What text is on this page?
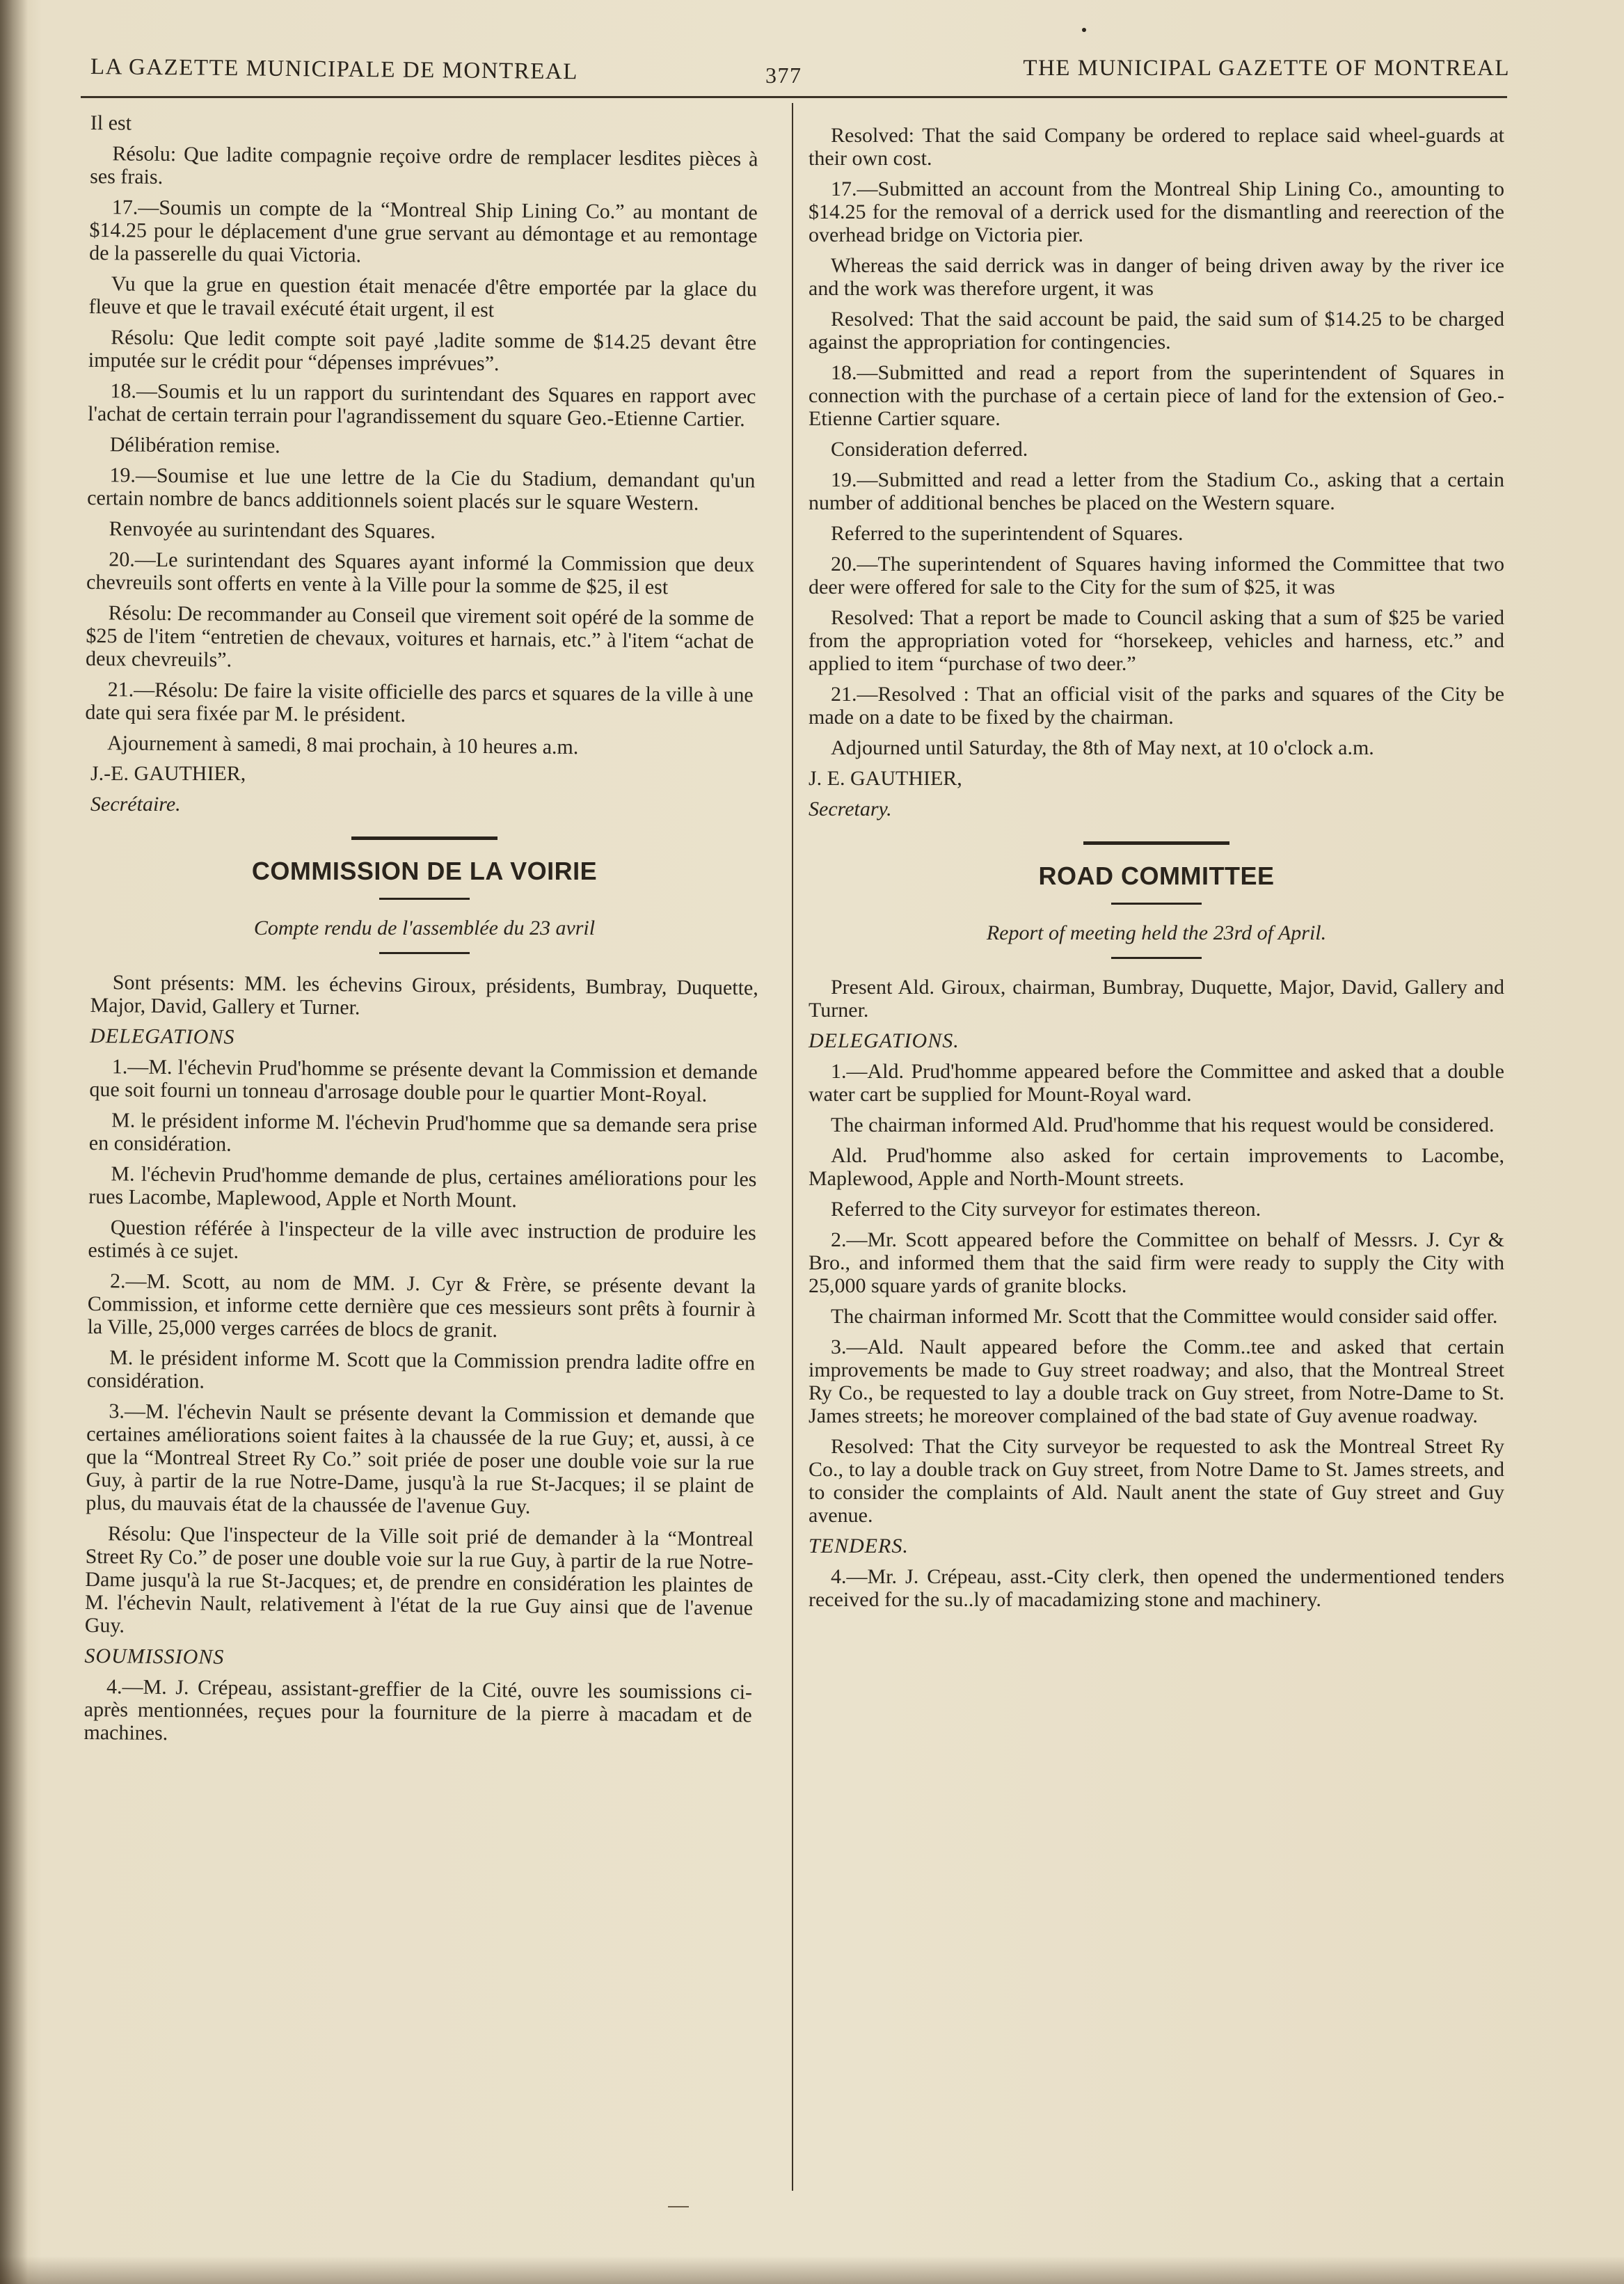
LA GAZETTE MUNICIPALE DE MONTREAL	377	THE MUNICIPAL GAZETTE OF MONTREAL

Il est

Résolu: Que ladite compagnie reçoive ordre de remplacer lesdites pièces à ses frais.

17.—Soumis un compte de la “Montreal Ship Lining Co.” au montant de $14.25 pour le déplacement d'une grue servant au démontage et au remontage de la passerelle du quai Victoria.

Vu que la grue en question était menacée d'être emportée par la glace du fleuve et que le travail exécuté était urgent, il est

Résolu: Que ledit compte soit payé ,ladite somme de $14.25 devant être imputée sur le crédit pour “dépenses imprévues”.

18.—Soumis et lu un rapport du surintendant des Squares en rapport avec l'achat de certain terrain pour l'agrandissement du square Geo.-Etienne Cartier.

Délibération remise.

19.—Soumise et lue une lettre de la Cie du Stadium, demandant qu'un certain nombre de bancs additionnels soient placés sur le square Western.

Renvoyée au surintendant des Squares.

20.—Le surintendant des Squares ayant informé la Commission que deux chevreuils sont offerts en vente à la Ville pour la somme de $25, il est

Résolu: De recommander au Conseil que virement soit opéré de la somme de $25 de l'item “entretien de chevaux, voitures et harnais, etc.” à l'item “achat de deux chevreuils”.

21.—Résolu: De faire la visite officielle des parcs et squares de la ville à une date qui sera fixée par M. le président.

Ajournement à samedi, 8 mai prochain, à 10 heures a.m.

J.-E. GAUTHIER,

Secrétaire.

COMMISSION DE LA VOIRIE
Compte rendu de l'assemblée du 23 avril

Sont présents: MM. les échevins Giroux, présidents, Bumbray, Duquette, Major, David, Gallery et Turner.

DELEGATIONS

1.—M. l'échevin Prud'homme se présente devant la Commission et demande que soit fourni un tonneau d'arrosage double pour le quartier Mont-Royal.

M. le président informe M. l'échevin Prud'homme que sa demande sera prise en considération.

M. l'échevin Prud'homme demande de plus, certaines améliorations pour les rues Lacombe, Maplewood, Apple et North Mount.

Question référée à l'inspecteur de la ville avec instruction de produire les estimés à ce sujet.

2.—M. Scott, au nom de MM. J. Cyr & Frère, se présente devant la Commission, et informe cette dernière que ces messieurs sont prêts à fournir à la Ville, 25,000 verges carrées de blocs de granit.

M. le président informe M. Scott que la Commission prendra ladite offre en considération.

3.—M. l'échevin Nault se présente devant la Commission et demande que certaines améliorations soient faites à la chaussée de la rue Guy; et, aussi, à ce que la “Montreal Street Ry Co.” soit priée de poser une double voie sur la rue Guy, à partir de la rue Notre-Dame, jusqu'à la rue St-Jacques; il se plaint de plus, du mauvais état de la chaussée de l'avenue Guy.

Résolu: Que l'inspecteur de la Ville soit prié de demander à la “Montreal Street Ry Co.” de poser une double voie sur la rue Guy, à partir de la rue Notre-Dame jusqu'à la rue St-Jacques; et, de prendre en considération les plaintes de M. l'échevin Nault, relativement à l'état de la rue Guy ainsi que de l'avenue Guy.

SOUMISSIONS

4.—M. J. Crépeau, assistant-greffier de la Cité, ouvre les soumissions ci-après mentionnées, reçues pour la fourniture de la pierre à macadam et de machines.

Resolved: That the said Company be ordered to replace said wheel-guards at their own cost.

17.—Submitted an account from the Montreal Ship Lining Co., amounting to $14.25 for the removal of a derrick used for the dismantling and reerection of the overhead bridge on Victoria pier.

Whereas the said derrick was in danger of being driven away by the river ice and the work was therefore urgent, it was

Resolved: That the said account be paid, the said sum of $14.25 to be charged against the appropriation for contingencies.

18.—Submitted and read a report from the superintendent of Squares in connection with the purchase of a certain piece of land for the extension of Geo.-Etienne Cartier square.

Consideration deferred.

19.—Submitted and read a letter from the Stadium Co., asking that a certain number of additional benches be placed on the Western square.

Referred to the superintendent of Squares.

20.—The superintendent of Squares having informed the Committee that two deer were offered for sale to the City for the sum of $25, it was

Resolved: That a report be made to Council asking that a sum of $25 be varied from the appropriation voted for “horsekeep, vehicles and harness, etc.” and applied to item “purchase of two deer.”

21.—Resolved : That an official visit of the parks and squares of the City be made on a date to be fixed by the chairman.

Adjourned until Saturday, the 8th of May next, at 10 o'clock a.m.

J. E. GAUTHIER,

Secretary.

ROAD COMMITTEE
Report of meeting held the 23rd of April.

Present Ald. Giroux, chairman, Bumbray, Duquette, Major, David, Gallery and Turner.

DELEGATIONS.

1.—Ald. Prud'homme appeared before the Committee and asked that a double water cart be supplied for Mount-Royal ward.

The chairman informed Ald. Prud'homme that his request would be considered.

Ald. Prud'homme also asked for certain improvements to Lacombe, Maplewood, Apple and North-Mount streets.

Referred to the City surveyor for estimates thereon.

2.—Mr. Scott appeared before the Committee on behalf of Messrs. J. Cyr & Bro., and informed them that the said firm were ready to supply the City with 25,000 square yards of granite blocks.

The chairman informed Mr. Scott that the Committee would consider said offer.

3.—Ald. Nault appeared before the Comm..tee and asked that certain improvements be made to Guy street roadway; and also, that the Montreal Street Ry Co., be requested to lay a double track on Guy street, from Notre-Dame to St. James streets; he moreover complained of the bad state of Guy avenue roadway.

Resolved: That the City surveyor be requested to ask the Montreal Street Ry Co., to lay a double track on Guy street, from Notre Dame to St. James streets, and to consider the complaints of Ald. Nault anent the state of Guy street and Guy avenue.

TENDERS.

4.—Mr. J. Crépeau, asst.-City clerk, then opened the undermentioned tenders received for the su..ly of macadamizing stone and machinery.
